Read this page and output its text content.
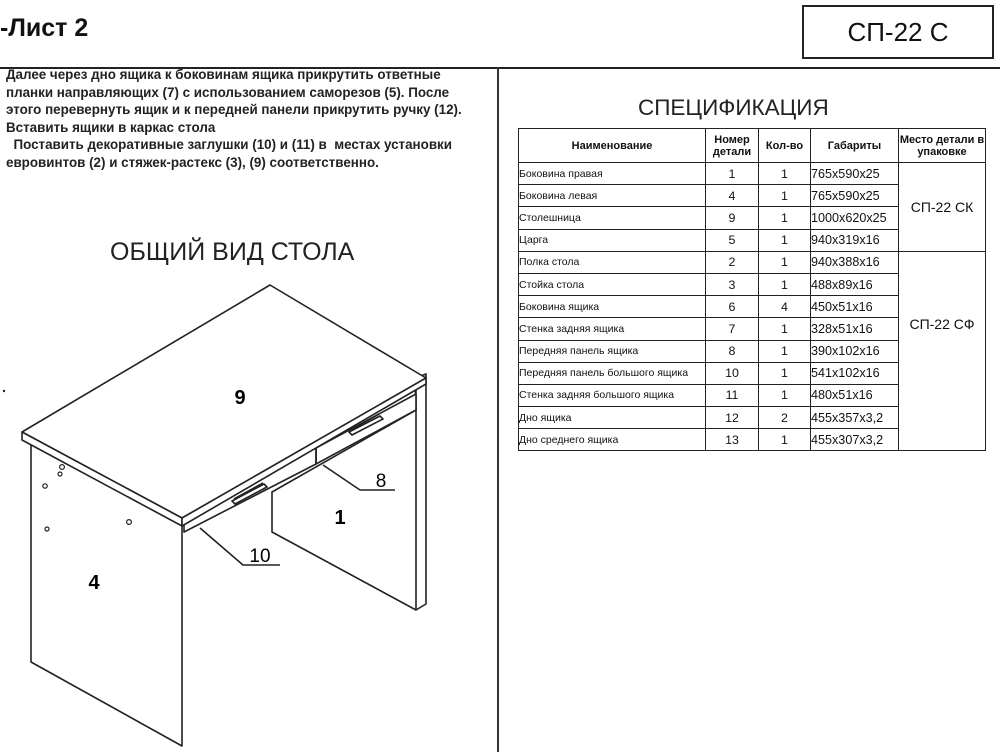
-Лист 2	СП-22 С

Далее через дно ящика к боковинам ящика прикрутить ответные

планки направляющих (7) с использованием саморезов (5). После

этого перевернуть ящик и к передней панели прикрутить ручку (12).

Вставить ящики в каркас стола

Поставить декоративные заглушки (10) и (11) в  местах установки

евровинтов (2) и стяжек-растекс (3), (9) соответственно.

ОБЩИЙ ВИД СТОЛА
9
1
4
8
10
СПЕЦИФИКАЦИЯ
Наименование	Номер детали	Кол-во	Габариты	Место детали в упаковке
Боковина правая	1	1	765х590х25	СП-22 СК
Боковина левая	4	1	765х590х25	
Столешница	9	1	1000х620х25	
Царга	5	1	940х319х16	
Полка стола	2	1	940х388х16	СП-22 СФ
Стойка стола	3	1	488х89х16	
Боковина ящика	6	4	450х51х16	
Стенка задняя ящика	7	1	328х51х16	
Передняя панель ящика	8	1	390х102х16	
Передняя панель большого ящика	10	1	541х102х16	
Стенка задняя большого ящика	11	1	480х51х16	
Дно ящика	12	2	455х357х3,2	
Дно среднего ящика	13	1	455х307х3,2	
